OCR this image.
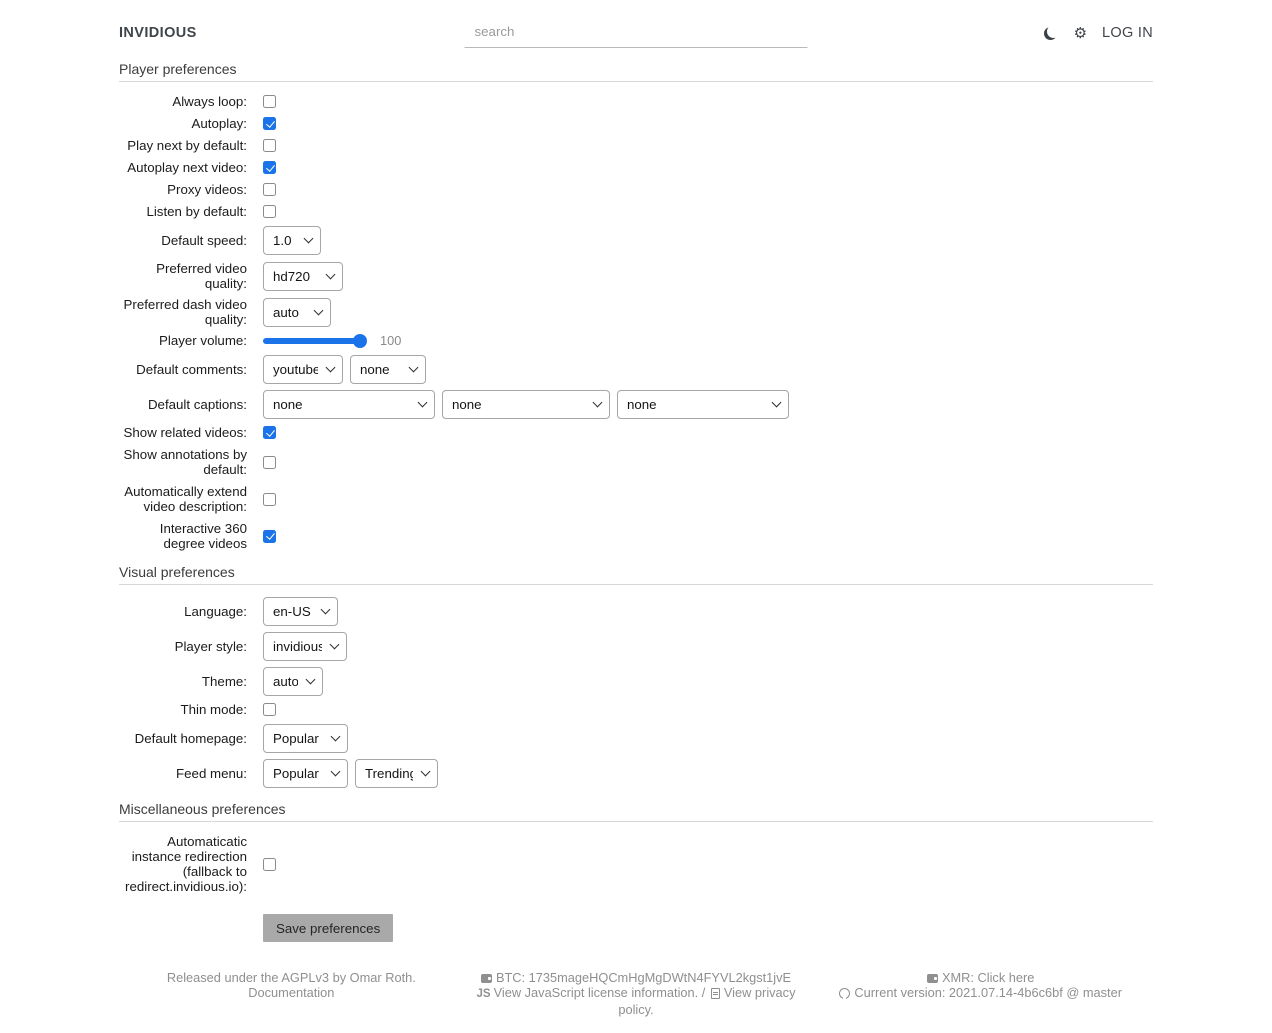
INVIDIOUS
search	⚙ LOG IN
Player preferences
Always loop:
Autoplay:
Play next by default:
Autoplay next video:
Proxy videos:
Listen by default:
Default speed:
1.0
Preferred video quality:
hd720
Preferred dash video quality:
auto
Player volume:	100
Default comments:
youtube
none
Default captions:
none
none
none
Show related videos:
Show annotations by default:
Automatically extend video description:
Interactive 360 degree videos
Visual preferences
Language:
en-US
Player style:
invidious
Theme:
auto
Thin mode:
Default homepage:
Popular
Feed menu:
Popular
Trending
Miscellaneous preferences
Automaticatic instance redirection (fallback to redirect.invidious.io):
Save preferences
Released under the AGPLv3 by Omar Roth.
Documentation
BTC: 1735mageHQCmHgMgDWtN4FYVL2kgst1jvE
JS View JavaScript license information. / View privacy policy.
XMR: Click here
Current version: 2021.07.14-4b6c6bf @ master
